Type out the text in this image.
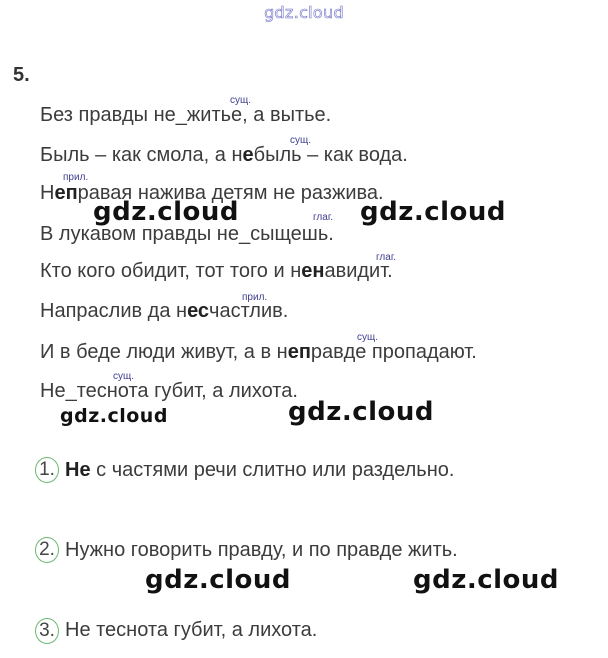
gdz.cloud
5.
сущ.
Без правды не_житье, а вытье.
сущ.
Быль – как смола, а небыль – как вода.
прил.
Неправая нажива детям не разжива.
глаг.
В лукавом правды не_сыщешь.
глаг.
Кто кого обидит, тот того и ненавидит.
прил.
Напраслив да несчастлив.
сущ.
И в беде люди живут, а в неправде пропадают.
сущ.
Не_теснота губит, а лихота.
gdz.cloud	gdz.cloud
gdz.cloud	gdz.cloud
gdz.cloud	gdz.cloud
1. Не с частями речи слитно или раздельно.
2. Нужно говорить правду, и по правде жить.
3. Не теснота губит, а лихота.
